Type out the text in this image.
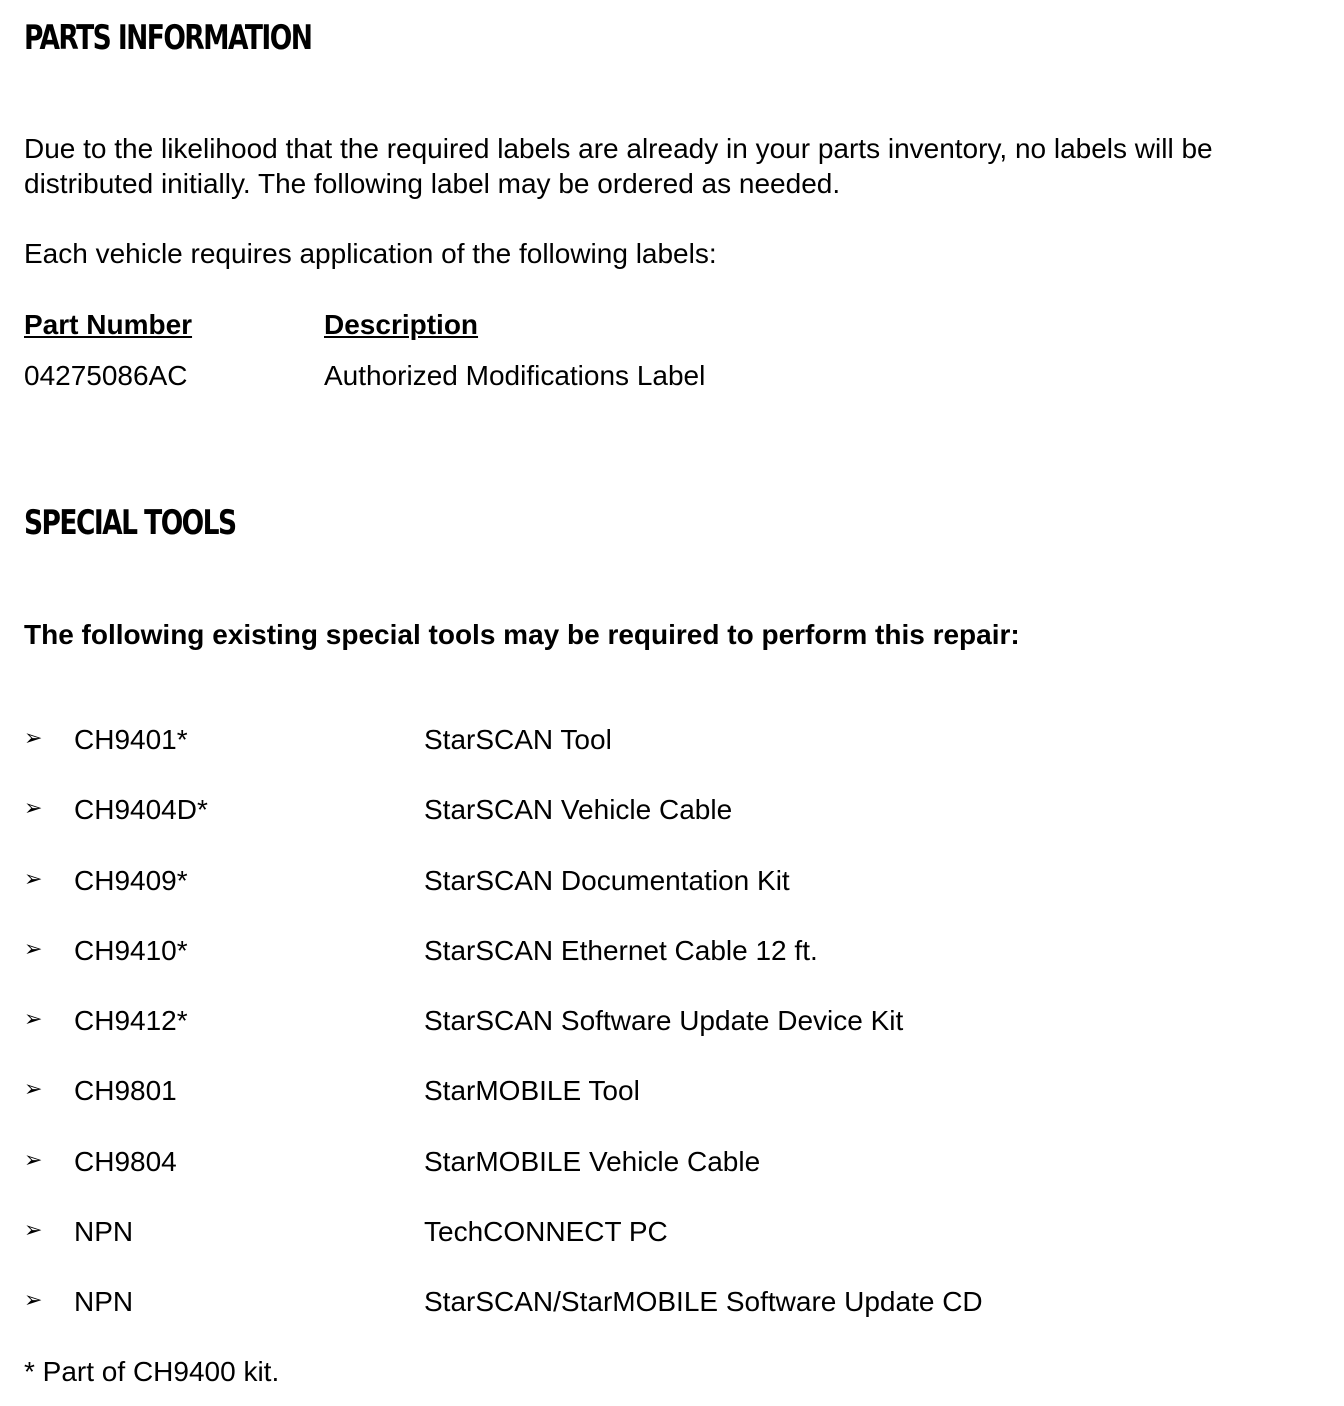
PARTS INFORMATION
Due to the likelihood that the required labels are already in your parts inventory, no labels will be
distributed initially. The following label may be ordered as needed.
Each vehicle requires application of the following labels:
Part Number	Description
04275086AC	Authorized Modifications Label
SPECIAL TOOLS
The following existing special tools may be required to perform this repair:
➢ CH9401*	StarSCAN Tool
➢ CH9404D*	StarSCAN Vehicle Cable
➢ CH9409*	StarSCAN Documentation Kit
➢ CH9410*	StarSCAN Ethernet Cable 12 ft.
➢ CH9412*	StarSCAN Software Update Device Kit
➢ CH9801	StarMOBILE Tool
➢ CH9804	StarMOBILE Vehicle Cable
➢ NPN	TechCONNECT PC
➢ NPN	StarSCAN/StarMOBILE Software Update CD
* Part of CH9400 kit.
